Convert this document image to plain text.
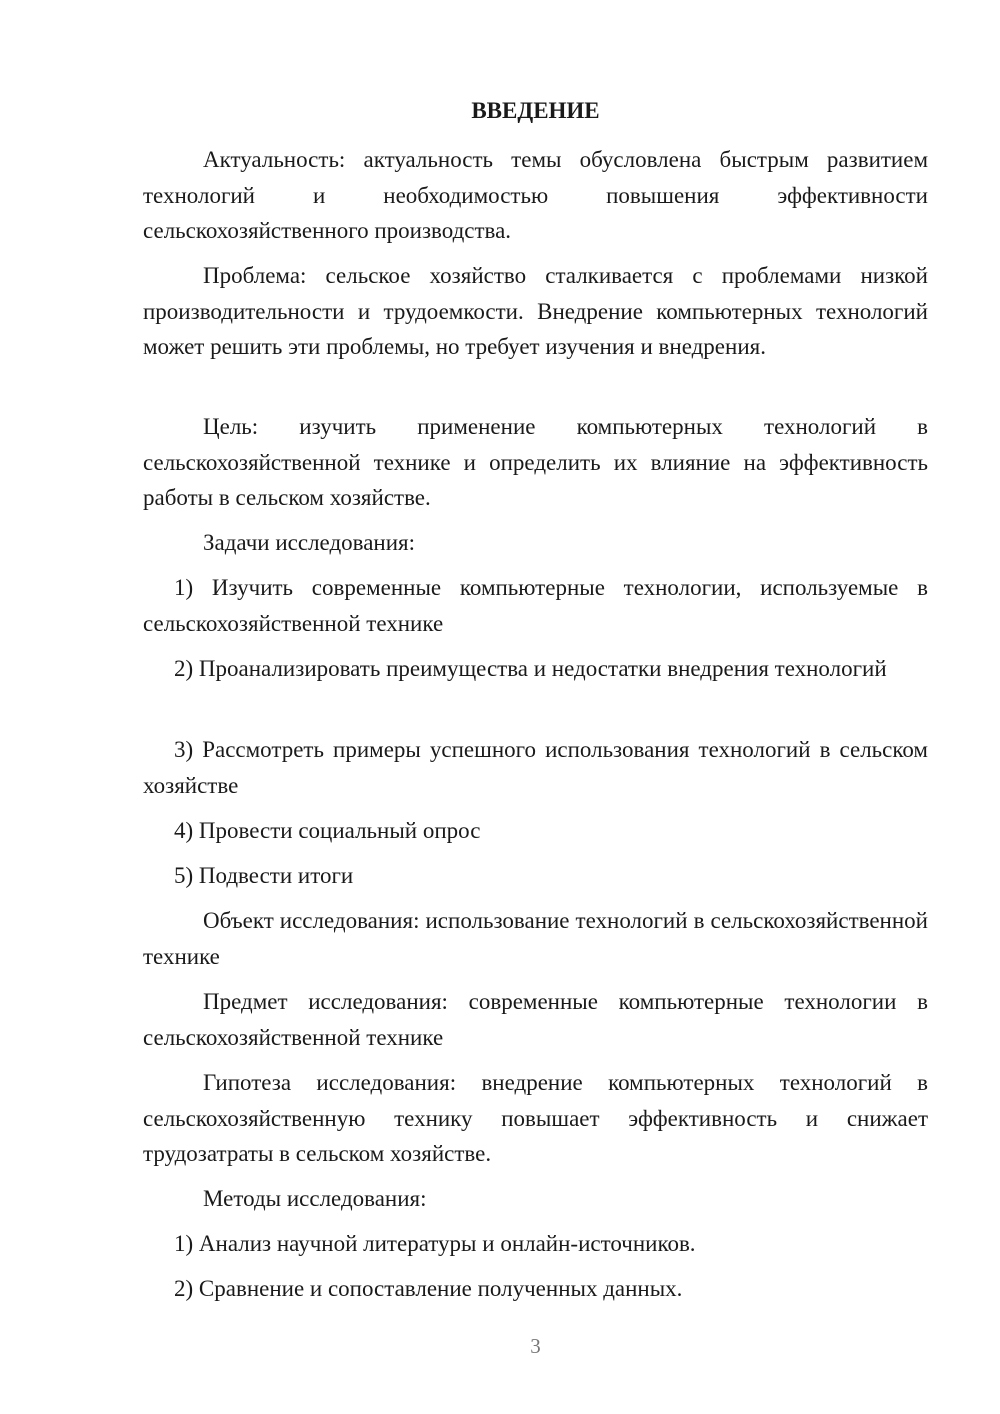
ВВЕДЕНИЕ

Актуальность: актуальность темы обусловлена быстрым развитием технологий и необходимостью повышения эффективности сельскохозяйственного производства.

Проблема: сельское хозяйство сталкивается с проблемами низкой производительности и трудоемкости. Внедрение компьютерных технологий может решить эти проблемы, но требует изучения и внедрения.

Цель: изучить применение компьютерных технологий в сельскохозяйственной технике и определить их влияние на эффективность работы в сельском хозяйстве.

Задачи исследования:

1) Изучить современные компьютерные технологии, используемые в сельскохозяйственной технике

2) Проанализировать преимущества и недостатки внедрения технологий

3) Рассмотреть примеры успешного использования технологий в сельском хозяйстве

4) Провести социальный опрос

5) Подвести итоги

Объект исследования: использование технологий в сельскохозяйственной технике

Предмет исследования: современные компьютерные технологии в сельскохозяйственной технике

Гипотеза исследования: внедрение компьютерных технологий в сельскохозяйственную технику повышает эффективность и снижает трудозатраты в сельском хозяйстве.

Методы исследования:

1) Анализ научной литературы и онлайн-источников.

2) Сравнение и сопоставление полученных данных.

3
